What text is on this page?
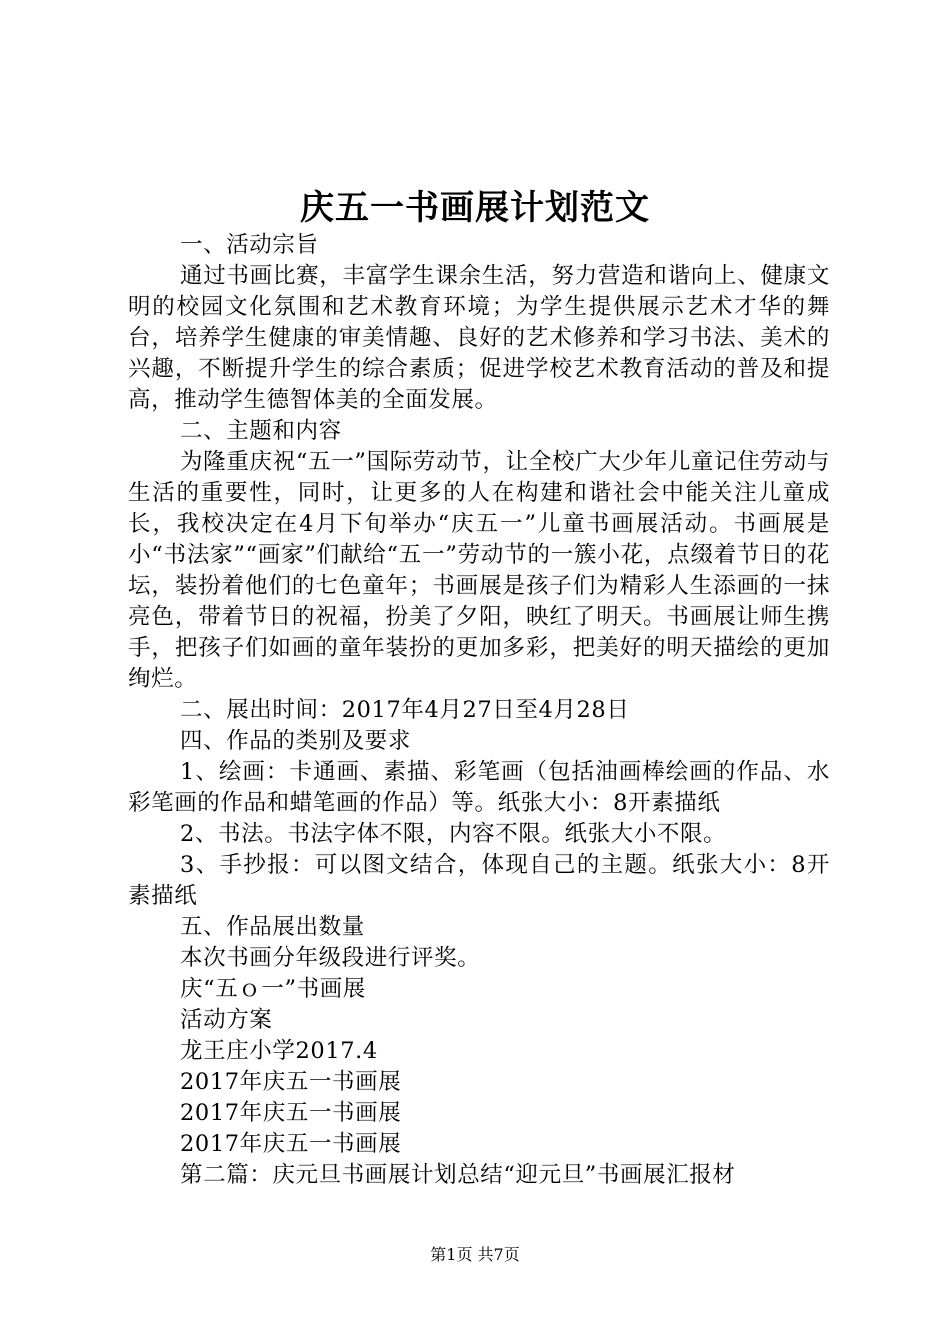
庆五一书画展计划范文

一、活动宗旨

通过书画比赛，丰富学生课余生活，努力营造和谐向上、健康文明的校园文化氛围和艺术教育环境；为学生提供展示艺术才华的舞台，培养学生健康的审美情趣、良好的艺术修养和学习书法、美术的兴趣，不断提升学生的综合素质；促进学校艺术教育活动的普及和提高，推动学生德智体美的全面发展。

二、主题和内容

为隆重庆祝“五一”国际劳动节，让全校广大少年儿童记住劳动与生活的重要性，同时，让更多的人在构建和谐社会中能关注儿童成长，我校决定在4月下旬举办“庆五一”儿童书画展活动。书画展是小“书法家”“画家”们献给“五一”劳动节的一簇小花，点缀着节日的花坛，装扮着他们的七色童年；书画展是孩子们为精彩人生添画的一抹亮色，带着节日的祝福，扮美了夕阳，映红了明天。书画展让师生携手，把孩子们如画的童年装扮的更加多彩，把美好的明天描绘的更加绚烂。

二、展出时间：2017年4月27日至4月28日

四、作品的类别及要求

1、绘画：卡通画、素描、彩笔画（包括油画棒绘画的作品、水彩笔画的作品和蜡笔画的作品）等。纸张大小：8开素描纸

2、书法。书法字体不限，内容不限。纸张大小不限。

3、手抄报：可以图文结合，体现自己的主题。纸张大小：8开素描纸

五、作品展出数量

本次书画分年级段进行评奖。

庆“五ｏ一”书画展

活动方案

龙王庄小学2017.4

2017年庆五一书画展

2017年庆五一书画展

2017年庆五一书画展

第二篇：庆元旦书画展计划总结“迎元旦”书画展汇报材

第1页 共7页
